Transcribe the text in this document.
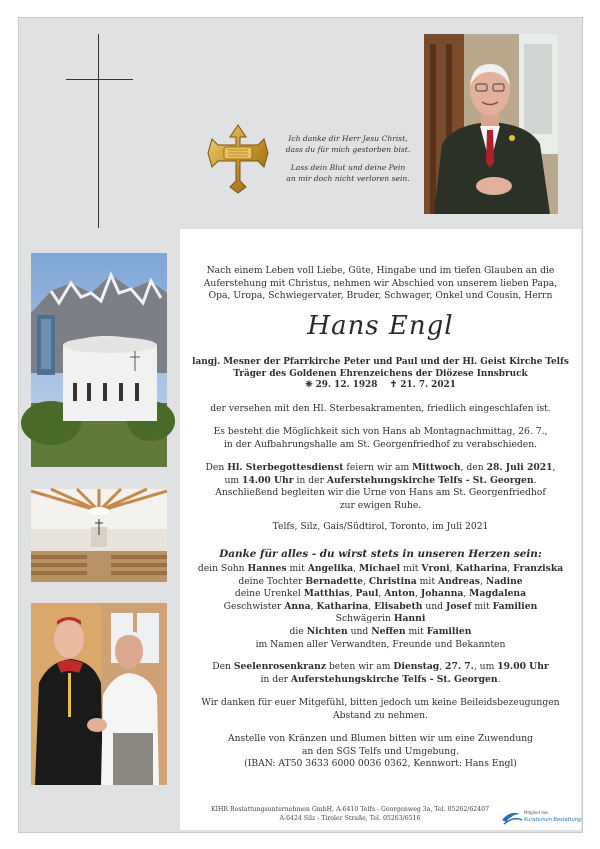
Ich danke dir Herr Jesu Christ,
dass du für mich gestorben bist.

Lass dein Blut und deine Pein
an mir doch nicht verloren sein.

Nach einem Leben voll Liebe, Güte, Hingabe und im tiefen Glauben an die

Auferstehung mit Christus, nehmen wir Abschied von unserem lieben Papa,

Opa, Uropa, Schwiegervater, Bruder, Schwager, Onkel und Cousin, Herrn

Hans Engl

langj. Mesner der Pfarrkirche Peter und Paul und der Hl. Geist Kirche Telfs

Träger des Goldenen Ehrenzeichens der Diözese Innsbruck

❈ 29. 12. 1928 ✝ 21. 7. 2021

der versehen mit den Hl. Sterbesakramenten, friedlich eingeschlafen ist.

Es besteht die Möglichkeit sich von Hans ab Montagnachmittag, 26. 7.,

in der Aufbahrungshalle am St. Georgenfriedhof zu verabschieden.

Den Hl. Sterbegottesdienst feiern wir am Mittwoch, den 28. Juli 2021,

um 14.00 Uhr in der Auferstehungskirche Telfs - St. Georgen.

Anschließend begleiten wir die Urne von Hans am St. Georgenfriedhof

zur ewigen Ruhe.

Telfs, Silz, Gais/Südtirol, Toronto, im Juli 2021
Danke für alles - du wirst stets in unseren Herzen sein:

dein Sohn Hannes mit Angelika, Michael mit Vroni, Katharina, Franziska

deine Tochter Bernadette, Christina mit Andreas, Nadine

deine Urenkel Matthias, Paul, Anton, Johanna, Magdalena

Geschwister Anna, Katharina, Elisabeth und Josef mit Familien

Schwägerin Hanni

die Nichten und Neffen mit Familien

im Namen aller Verwandten, Freunde und Bekannten

Den Seelenrosenkranz beten wir am Dienstag, 27. 7., um 19.00 Uhr

in der Auferstehungskirche Telfs - St. Georgen.

Wir danken für euer Mitgefühl, bitten jedoch um keine Beileidsbezeugungen

Abstand zu nehmen.

Anstelle von Kränzen und Blumen bitten wir um eine Zuwendung

an den SGS Telfs und Umgebung.

(IBAN: AT50 3633 6000 0036 0362, Kennwort: Hans Engl)

KIHR Bestattungsunternehmen GmbH, A-6410 Telfs - Georgenweg 3a, Tel. 05262/62407
A-6424 Silz - Tiroler Straße, Tel. 05263/6516
Mitglied des
Kuratorium Bestattung
